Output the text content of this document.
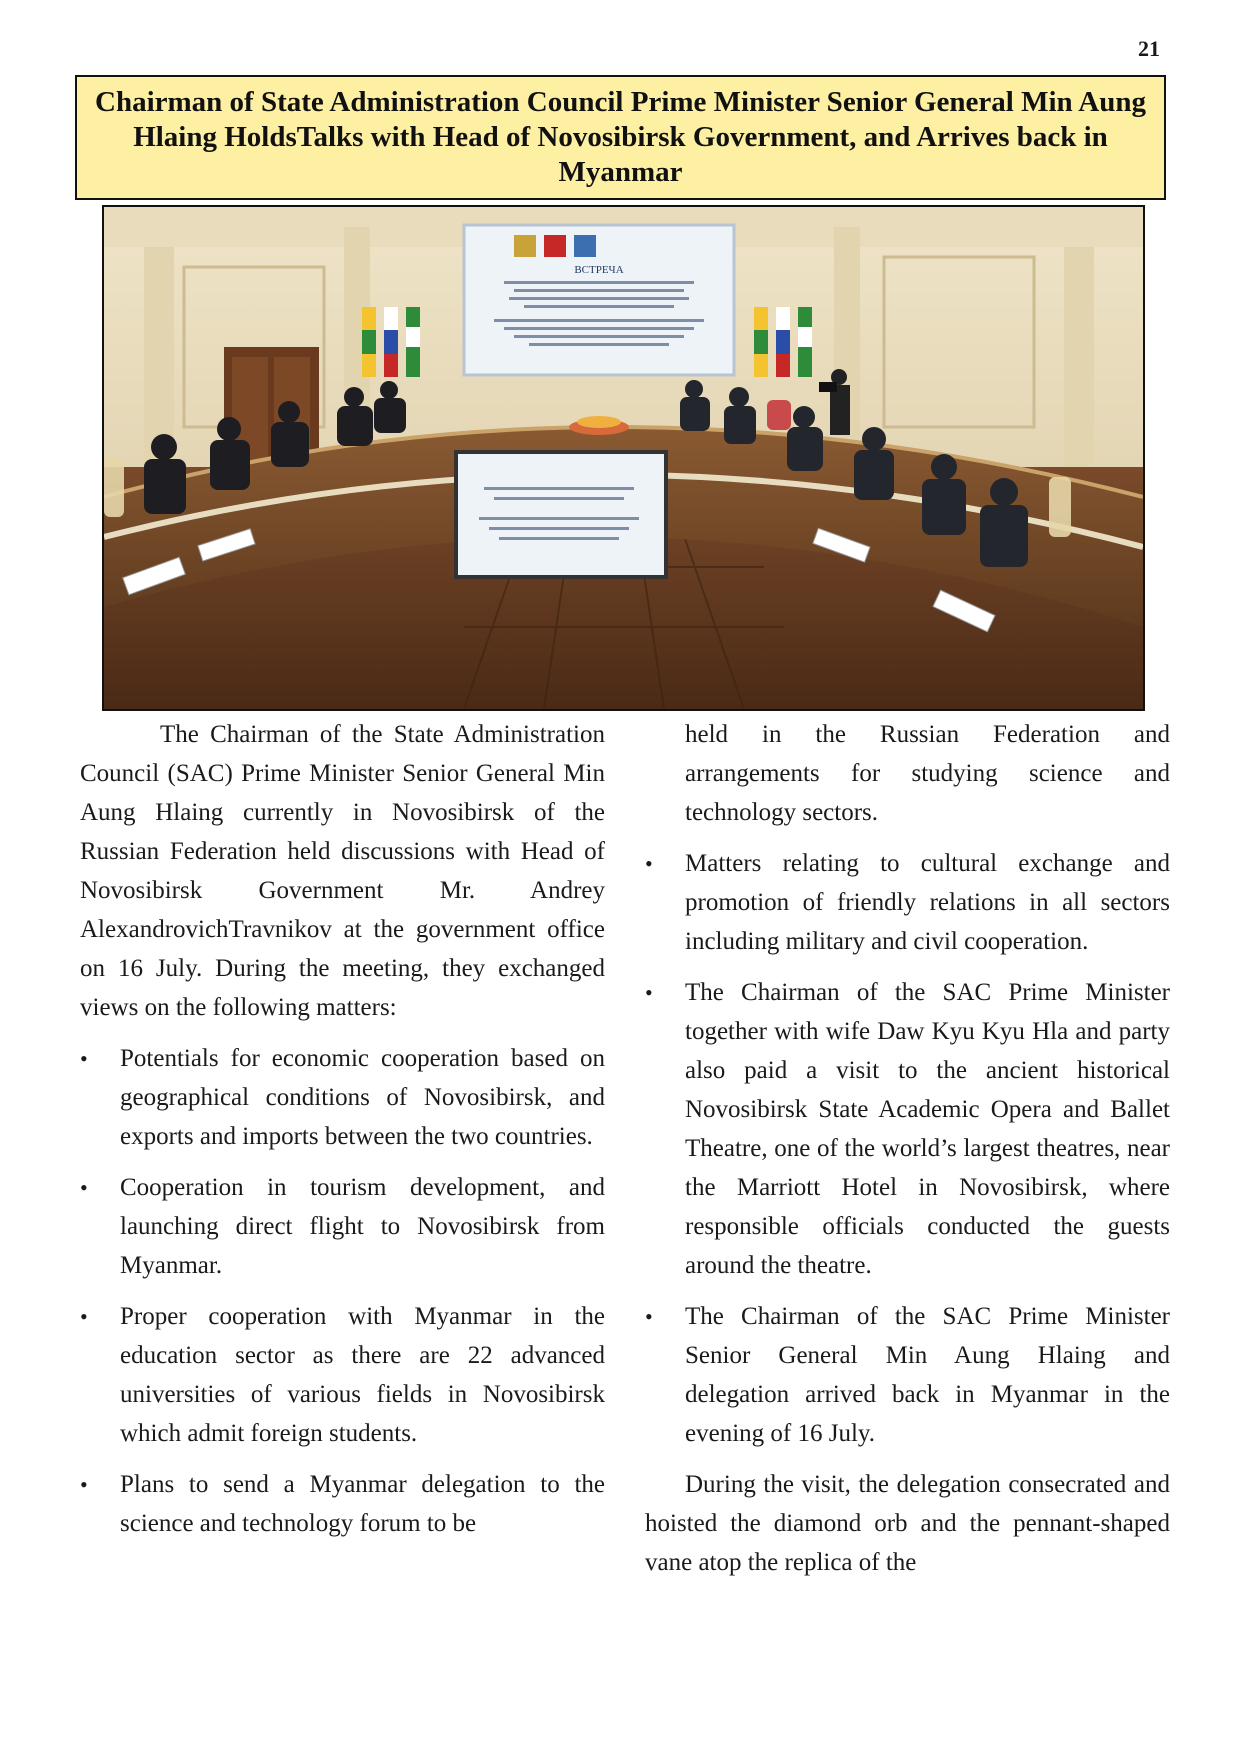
21
Chairman of State Administration Council Prime Minister Senior General Min Aung Hlaing HoldsTalks with Head of Novosibirsk Government, and Arrives back in Myanmar
ВСТРЕЧА

The Chairman of the State Administration Council (SAC) Prime Minister Senior General Min Aung Hlaing currently in Novosibirsk of the Russian Federation held discussions with Head of Novosibirsk Government Mr. Andrey AlexandrovichTravnikov at the government office on 16 July. During the meeting, they exchanged views on the following matters:

• Potentials for economic cooperation based on geographical conditions of Novosibirsk, and exports and imports between the two countries.
• Cooperation in tourism development, and launching direct flight to Novosibirsk from Myanmar.
• Proper cooperation with Myanmar in the education sector as there are 22 advanced universities of various fields in Novosibirsk which admit foreign students.
• Plans to send a Myanmar delegation to the science and technology forum to be
held in the Russian Federation and arrangements for studying science and technology sectors.
• Matters relating to cultural exchange and promotion of friendly relations in all sectors including military and civil cooperation.
• The Chairman of the SAC Prime Minister together with wife Daw Kyu Kyu Hla and party also paid a visit to the ancient historical Novosibirsk State Academic Opera and Ballet Theatre, one of the world’s largest theatres, near the Marriott Hotel in Novosibirsk, where responsible officials conducted the guests around the theatre.
• The Chairman of the SAC Prime Minister Senior General Min Aung Hlaing and delegation arrived back in Myanmar in the evening of 16 July.

During the visit, the delegation consecrated and hoisted the diamond orb and the pennant-shaped vane atop the replica of the
